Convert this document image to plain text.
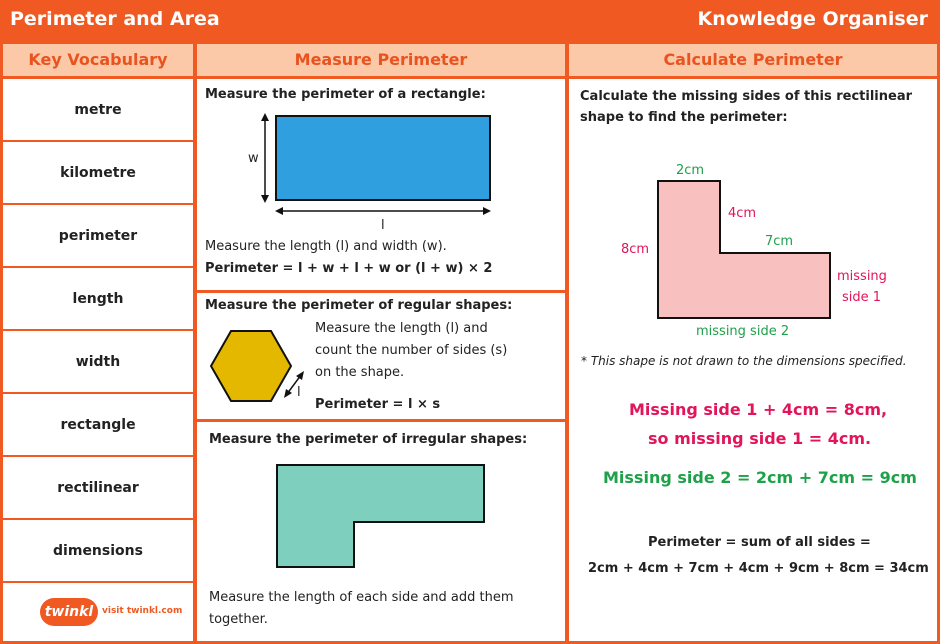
Perimeter and Area	Knowledge Organiser
Key Vocabulary	Measure Perimeter	Calculate Perimeter
metre
kilometre
perimeter
length
width
rectangle
rectilinear
dimensions
twinkl visit twinkl.com
Measure the perimeter of a rectangle:
w
l
Measure the length (l) and width (w).
Perimeter = l + w + l + w or (l + w) × 2
Measure the perimeter of regular shapes:
l
Measure the length (l) and
count the number of sides (s)
on the shape.
Perimeter = l × s
Measure the perimeter of irregular shapes:
Measure the length of each side and add them
together.
Calculate the missing sides of this rectilinear
shape to find the perimeter:
2cm
4cm
7cm
8cm
missing
side 1
missing side 2
* This shape is not drawn to the dimensions specified.
Missing side 1 + 4cm = 8cm,
so missing side 1 = 4cm.
Missing side 2 = 2cm + 7cm = 9cm
Perimeter = sum of all sides =
2cm + 4cm + 7cm + 4cm + 9cm + 8cm = 34cm
